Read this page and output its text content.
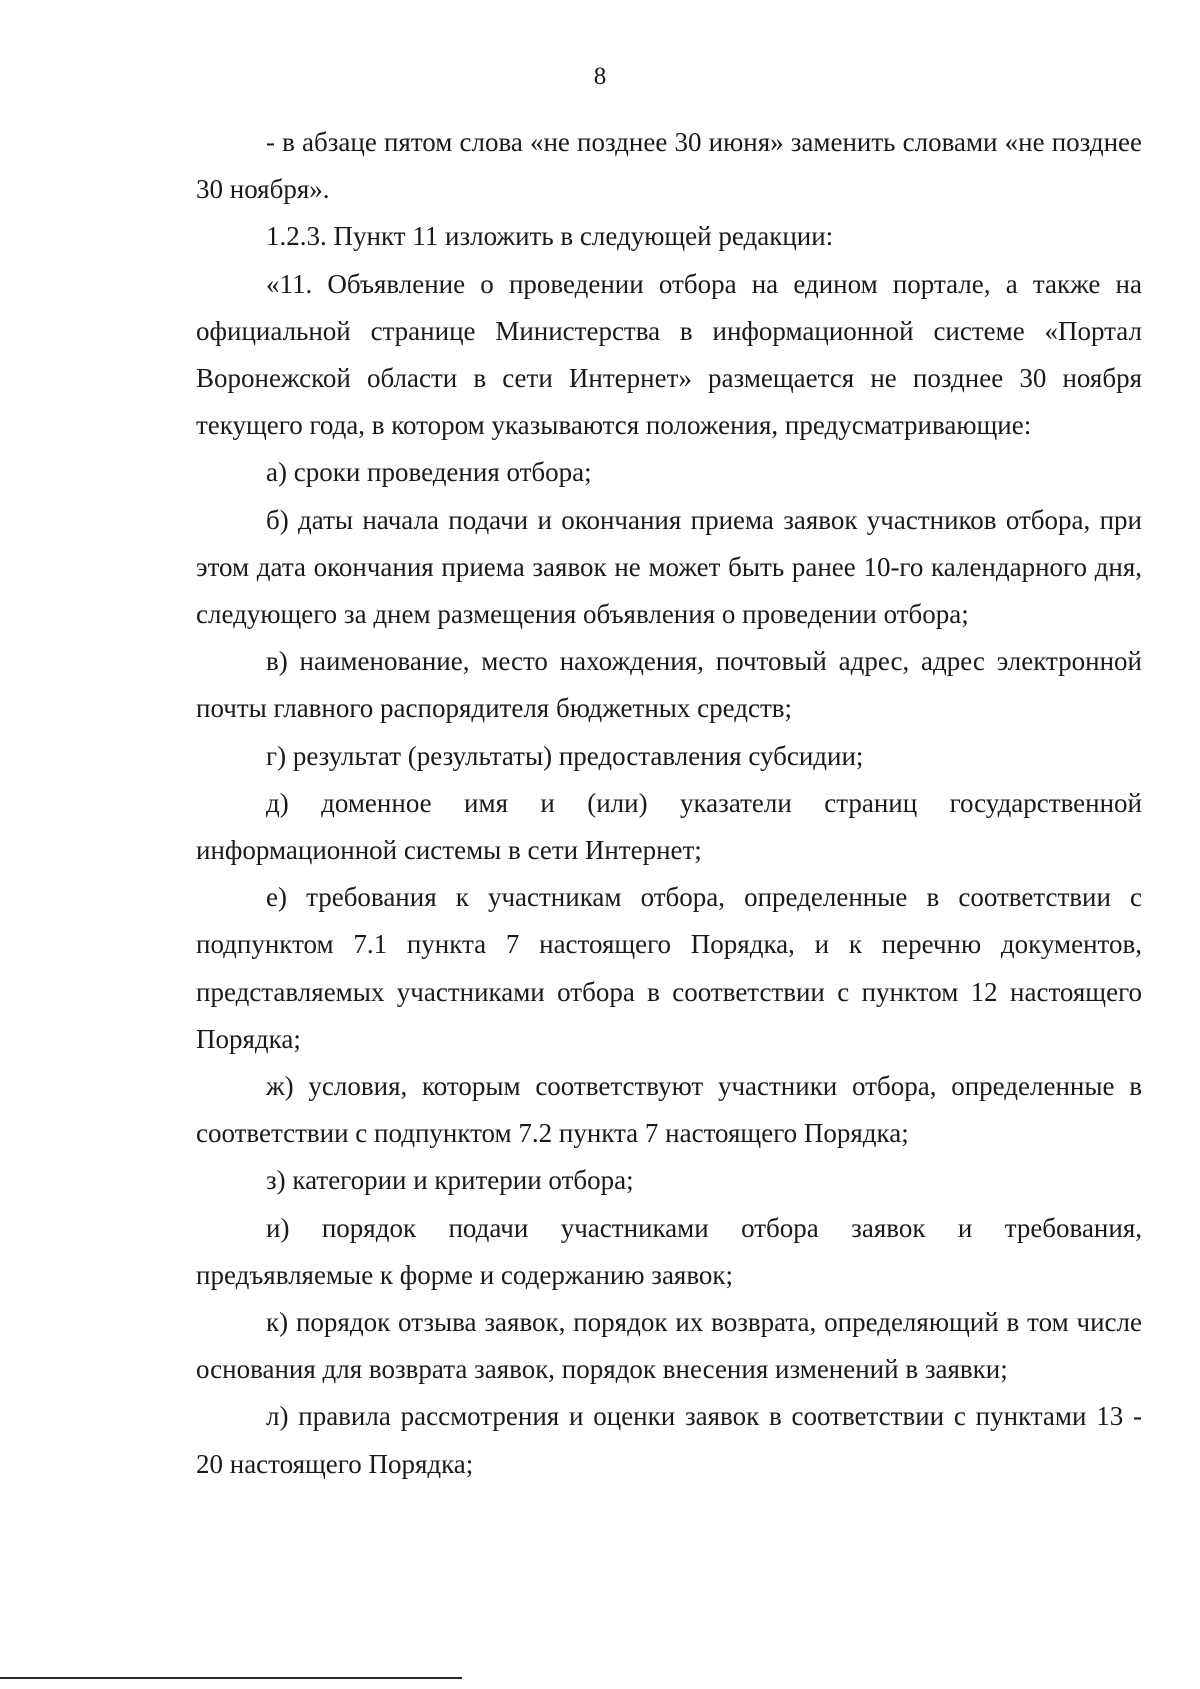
8

- в абзаце пятом слова «не позднее 30 июня» заменить словами «не позднее 30 ноября».

1.2.3. Пункт 11 изложить в следующей редакции:

«11. Объявление о проведении отбора на едином портале, а также на официальной странице Министерства в информационной системе «Портал Воронежской области в сети Интернет» размещается не позднее 30 ноября текущего года, в котором указываются положения, предусматривающие:

а) сроки проведения отбора;

б) даты начала подачи и окончания приема заявок участников отбора, при этом дата окончания приема заявок не может быть ранее 10-го календарного дня, следующего за днем размещения объявления о проведении отбора;

в) наименование, место нахождения, почтовый адрес, адрес электронной почты главного распорядителя бюджетных средств;

г) результат (результаты) предоставления субсидии;

д) доменное имя и (или) указатели страниц государственной информационной системы в сети Интернет;

е) требования к участникам отбора, определенные в соответствии с подпунктом 7.1 пункта 7 настоящего Порядка, и к перечню документов, представляемых участниками отбора в соответствии с пунктом 12 настоящего Порядка;

ж) условия, которым соответствуют участники отбора, определенные в соответствии с подпунктом 7.2 пункта 7 настоящего Порядка;

з) категории и критерии отбора;

и) порядок подачи участниками отбора заявок и требования, предъявляемые к форме и содержанию заявок;

к) порядок отзыва заявок, порядок их возврата, определяющий в том числе основания для возврата заявок, порядок внесения изменений в заявки;

л) правила рассмотрения и оценки заявок в соответствии с пунктами 13 - 20 настоящего Порядка;
